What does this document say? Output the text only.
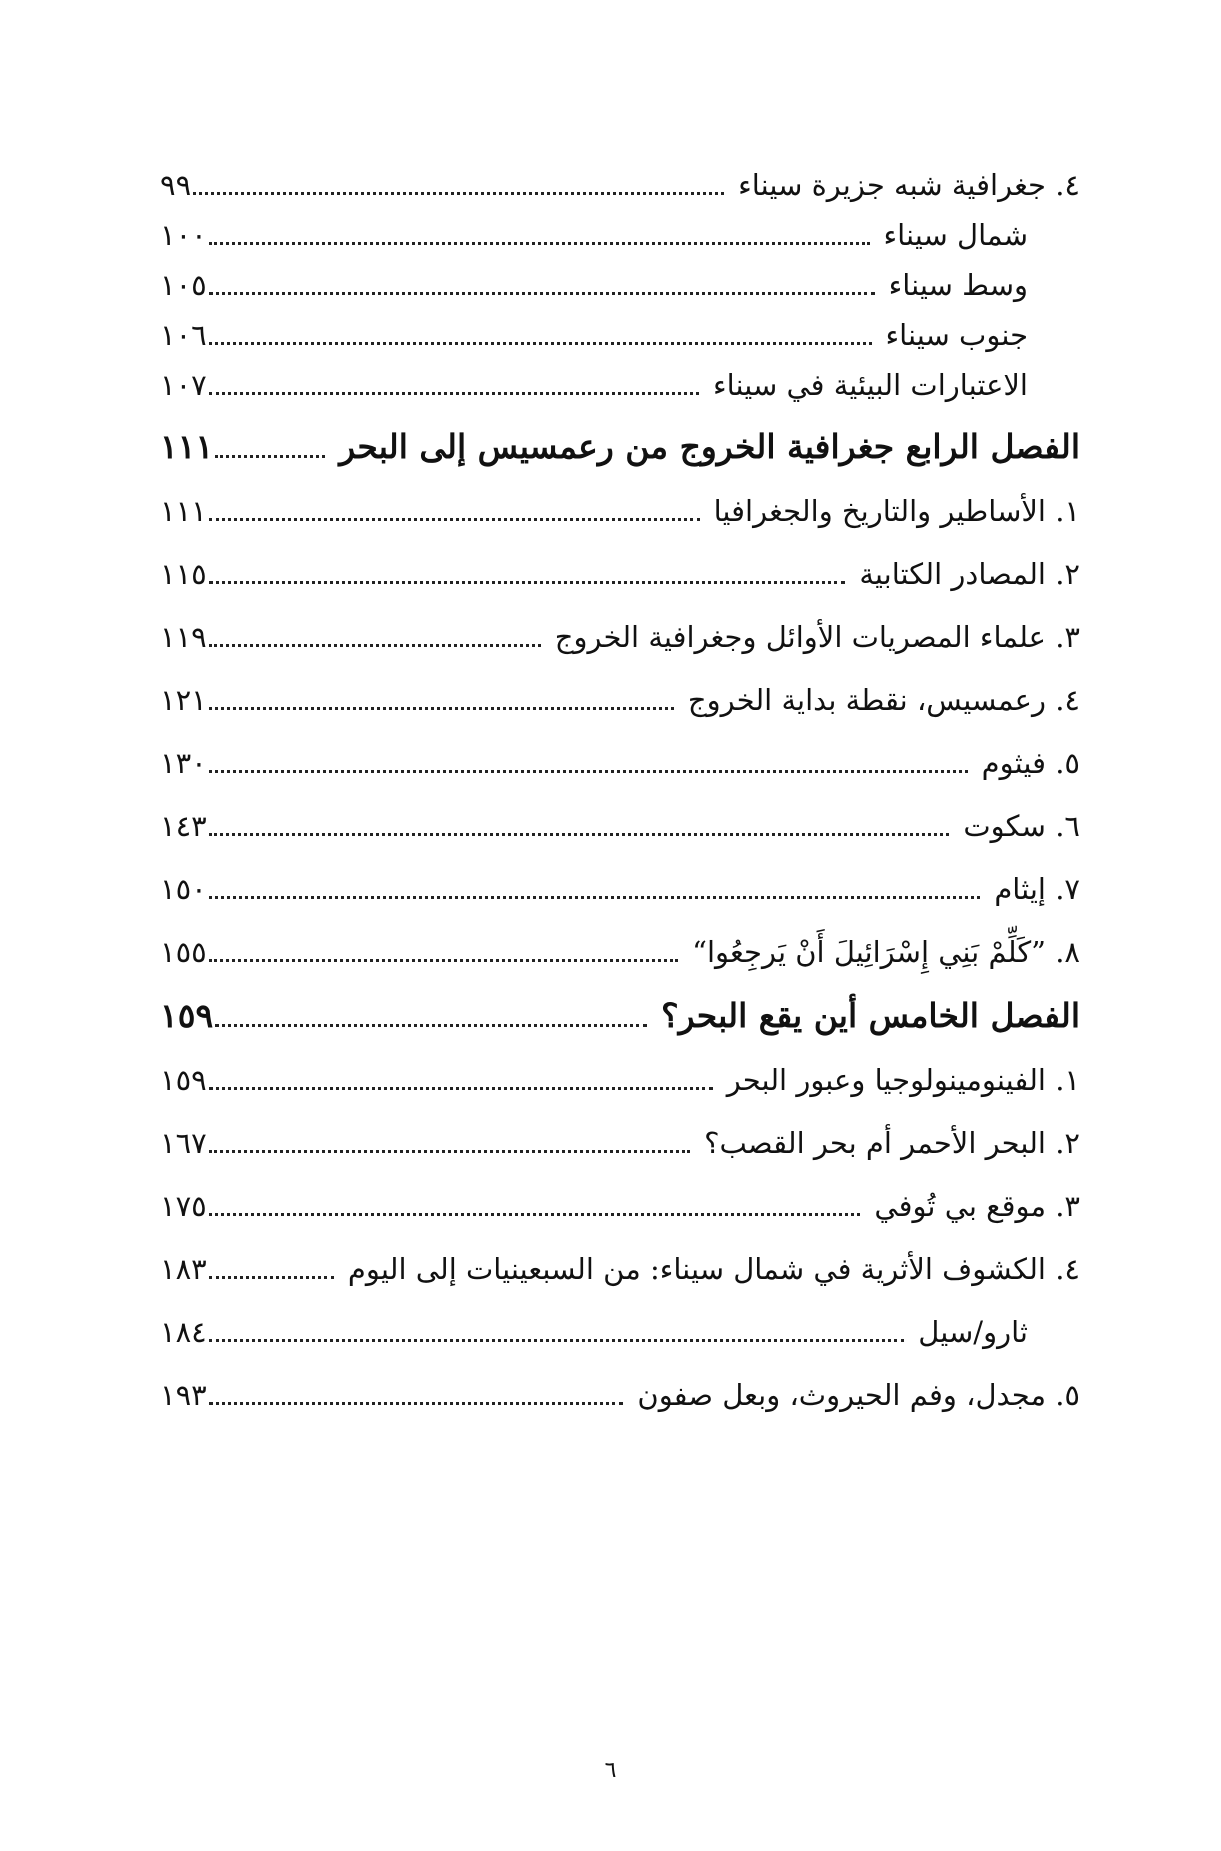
٤. جغرافية شبه جزيرة سيناء
٩٩
شمال سيناء
١٠٠
وسط سيناء
١٠٥
جنوب سيناء
١٠٦
الاعتبارات البيئية في سيناء
١٠٧
الفصل الرابع جغرافية الخروج من رعمسيس إلى البحر
١١١
١. الأساطير والتاريخ والجغرافيا
١١١
٢. المصادر الكتابية
١١٥
٣. علماء المصريات الأوائل وجغرافية الخروج
١١٩
٤. رعمسيس، نقطة بداية الخروج
١٢١
٥. فيثوم
١٣٠
٦. سكوت
١٤٣
٧. إيثام
١٥٠
٨. ”كَلِّمْ بَنِي إِسْرَائِيلَ أَنْ يَرجِعُوا“
١٥٥
الفصل الخامس أين يقع البحر؟
١٥٩
١. الفينومينولوجيا وعبور البحر
١٥٩
٢. البحر الأحمر أم بحر القصب؟
١٦٧
٣. موقع بي تُوفي
١٧٥
٤. الكشوف الأثرية في شمال سيناء: من السبعينيات إلى اليوم
١٨٣
ثارو/سيل
١٨٤
٥. مجدل، وفم الحيروث، وبعل صفون
١٩٣
٦
